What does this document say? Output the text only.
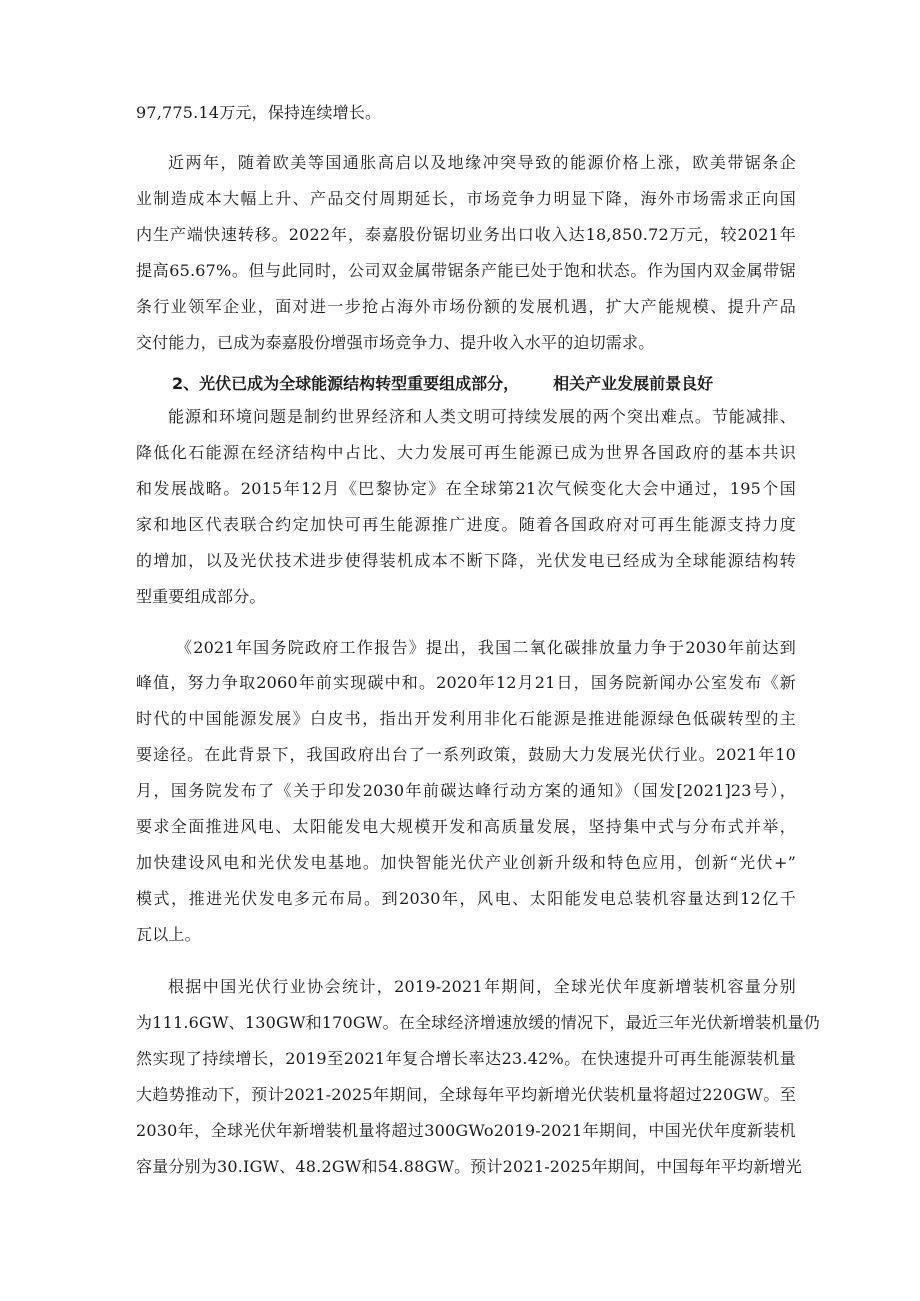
97,775.14万元，保持连续增长。
近两年，随着欧美等国通胀高启以及地缘冲突导致的能源价格上涨，欧美带锯条企
业制造成本大幅上升、产品交付周期延长，市场竞争力明显下降，海外市场需求正向国
内生产端快速转移。2022年，泰嘉股份锯切业务出口收入达18,850.72万元，较2021年
提高65.67%。但与此同时，公司双金属带锯条产能已处于饱和状态。作为国内双金属带锯
条行业领军企业，面对进一步抢占海外市场份额的发展机遇，扩大产能规模、提升产品
交付能力，已成为泰嘉股份增强市场竞争力、提升收入水平的迫切需求。
2、光伏已成为全球能源结构转型重要组成部分， 相关产业发展前景良好
能源和环境问题是制约世界经济和人类文明可持续发展的两个突出难点。节能减排、
降低化石能源在经济结构中占比、大力发展可再生能源已成为世界各国政府的基本共识
和发展战略。2015年12月《巴黎协定》在全球第21次气候变化大会中通过，195个国
家和地区代表联合约定加快可再生能源推广进度。随着各国政府对可再生能源支持力度
的增加，以及光伏技术进步使得装机成本不断下降，光伏发电已经成为全球能源结构转
型重要组成部分。
《2021年国务院政府工作报告》提出，我国二氧化碳排放量力争于2030年前达到
峰值，努力争取2060年前实现碳中和。2020年12月21日，国务院新闻办公室发布《新
时代的中国能源发展》白皮书，指出开发利用非化石能源是推进能源绿色低碳转型的主
要途径。在此背景下，我国政府出台了一系列政策，鼓励大力发展光伏行业。2021年10
月，国务院发布了《关于印发2030年前碳达峰行动方案的通知》（国发[2021]23号），
要求全面推进风电、太阳能发电大规模开发和高质量发展，坚持集中式与分布式并举，
加快建设风电和光伏发电基地。加快智能光伏产业创新升级和特色应用，创新“光伏+”
模式，推进光伏发电多元布局。到2030年，风电、太阳能发电总装机容量达到12亿千
瓦以上。
根据中国光伏行业协会统计，2019-2021年期间，全球光伏年度新增装机容量分别
为111.6GW、130GW和170GW。在全球经济增速放缓的情况下，最近三年光伏新增装机量仍
然实现了持续增长，2019至2021年复合增长率达23.42%。在快速提升可再生能源装机量
大趋势推动下，预计2021-2025年期间，全球每年平均新增光伏装机量将超过220GW。至
2030年，全球光伏年新增装机量将超过300GWo2019-2021年期间，中国光伏年度新装机
容量分别为30.IGW、48.2GW和54.88GW。预计2021-2025年期间，中国每年平均新增光
